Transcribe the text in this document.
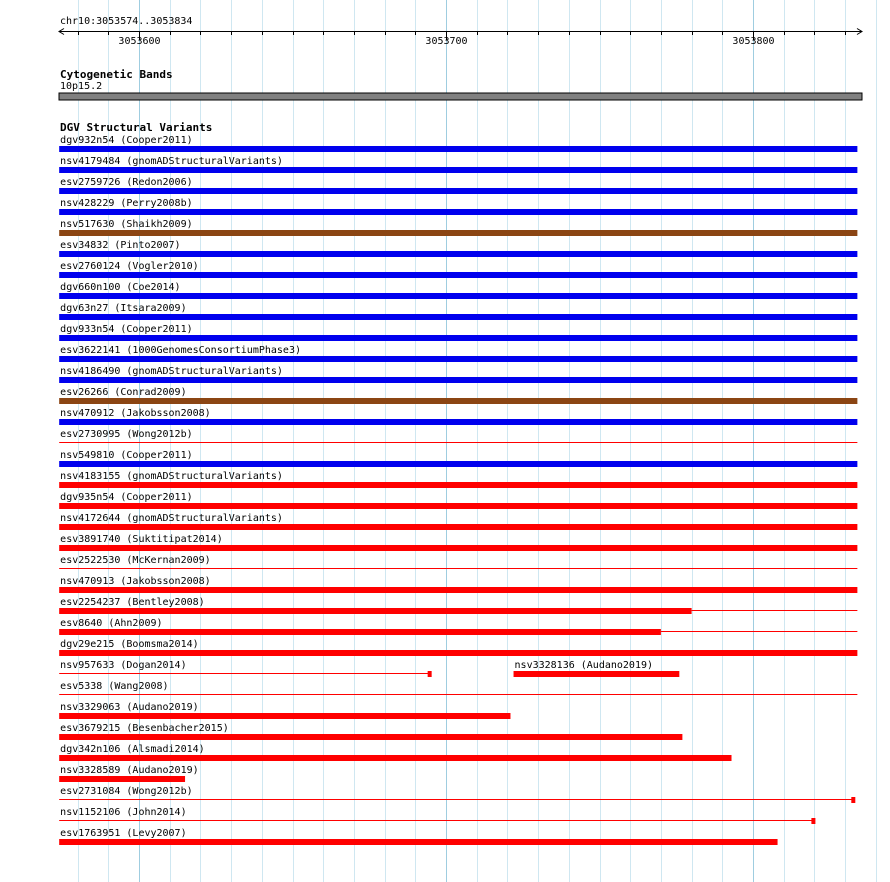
chr10:3053574..3053834
3053600	3053700	3053800
Cytogenetic Bands
10p15.2
DGV Structural Variants
dgv932n54 (Cooper2011)
nsv4179484 (gnomADStructuralVariants)
esv2759726 (Redon2006)
nsv428229 (Perry2008b)
nsv517630 (Shaikh2009)
esv34832 (Pinto2007)
esv2760124 (Vogler2010)
dgv660n100 (Coe2014)
dgv63n27 (Itsara2009)
dgv933n54 (Cooper2011)
esv3622141 (1000GenomesConsortiumPhase3)
nsv4186490 (gnomADStructuralVariants)
esv26266 (Conrad2009)
nsv470912 (Jakobsson2008)
esv2730995 (Wong2012b)
nsv549810 (Cooper2011)
nsv4183155 (gnomADStructuralVariants)
dgv935n54 (Cooper2011)
nsv4172644 (gnomADStructuralVariants)
esv3891740 (Suktitipat2014)
esv2522530 (McKernan2009)
nsv470913 (Jakobsson2008)
esv2254237 (Bentley2008)
esv8640 (Ahn2009)
dgv29e215 (Boomsma2014)
nsv957633 (Dogan2014)	nsv3328136 (Audano2019)
esv5338 (Wang2008)
nsv3329063 (Audano2019)
esv3679215 (Besenbacher2015)
dgv342n106 (Alsmadi2014)
nsv3328589 (Audano2019)
esv2731084 (Wong2012b)
nsv1152106 (John2014)
esv1763951 (Levy2007)
